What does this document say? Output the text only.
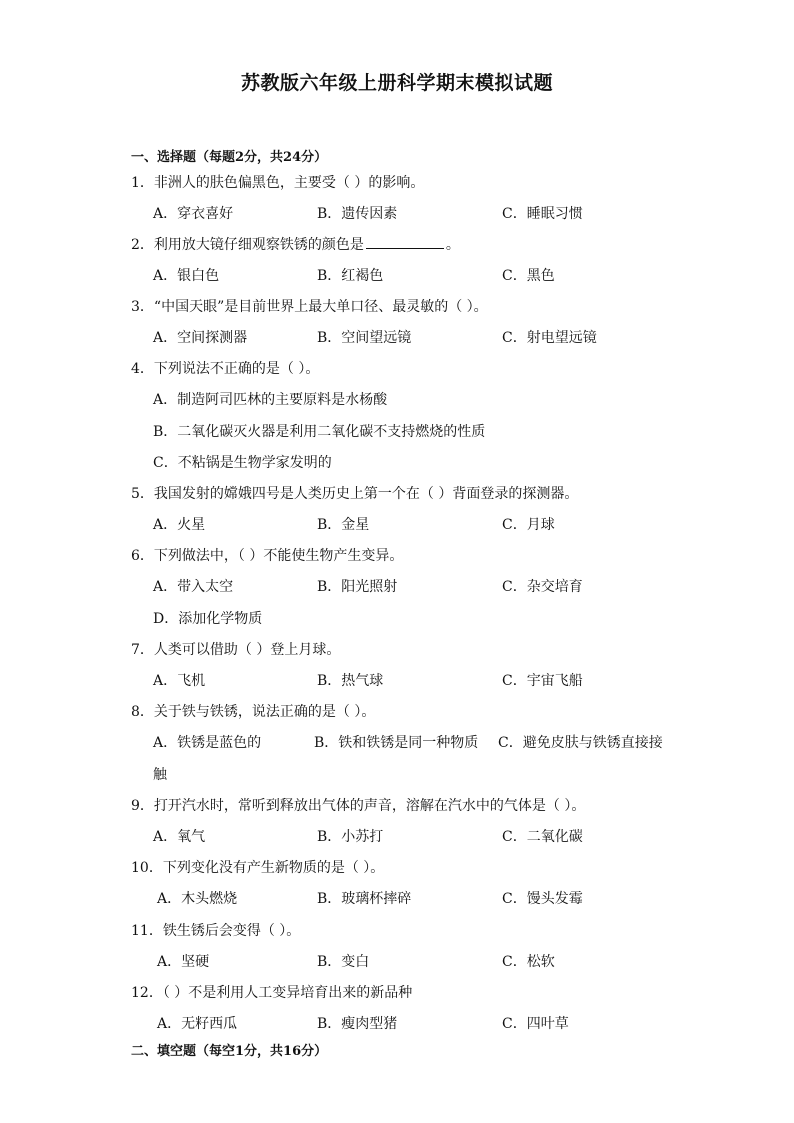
苏教版六年级上册科学期末模拟试题
一、选择题（每题2分，共24分）
1．非洲人的肤色偏黑色，主要受（ ）的影响。
A．穿衣喜好	B．遗传因素	C．睡眠习惯
2．利用放大镜仔细观察铁锈的颜色是	。
A．银白色	B．红褐色	C．黑色
3．“中国天眼”是目前世界上最大单口径、最灵敏的（ ）。
A．空间探测器	B．空间望远镜	C．射电望远镜
4．下列说法不正确的是（ ）。
A．制造阿司匹林的主要原料是水杨酸
B．二氧化碳灭火器是利用二氧化碳不支持燃烧的性质
C．不粘锅是生物学家发明的
5．我国发射的嫦娥四号是人类历史上第一个在（ ）背面登录的探测器。
A．火星	B．金星	C．月球
6．下列做法中，（ ）不能使生物产生变异。
A．带入太空	B．阳光照射	C．杂交培育
D．添加化学物质
7．人类可以借助（ ）登上月球。
A．飞机	B．热气球	C．宇宙飞船
8．关于铁与铁锈，说法正确的是（ ）。
A．铁锈是蓝色的	B．铁和铁锈是同一种物质 C．避免皮肤与铁锈直接接
触
9．打开汽水时，常听到释放出气体的声音，溶解在汽水中的气体是（ ）。
A．氧气	B．小苏打	C．二氧化碳
10．下列变化没有产生新物质的是（ ）。
A．木头燃烧	B．玻璃杯摔碎	C．馒头发霉
11．铁生锈后会变得（ ）。
A．坚硬	B．变白	C．松软
12．（ ）不是利用人工变异培育出来的新品种
A．无籽西瓜	B．瘦肉型猪	C．四叶草
二、填空题（每空1分，共16分）
